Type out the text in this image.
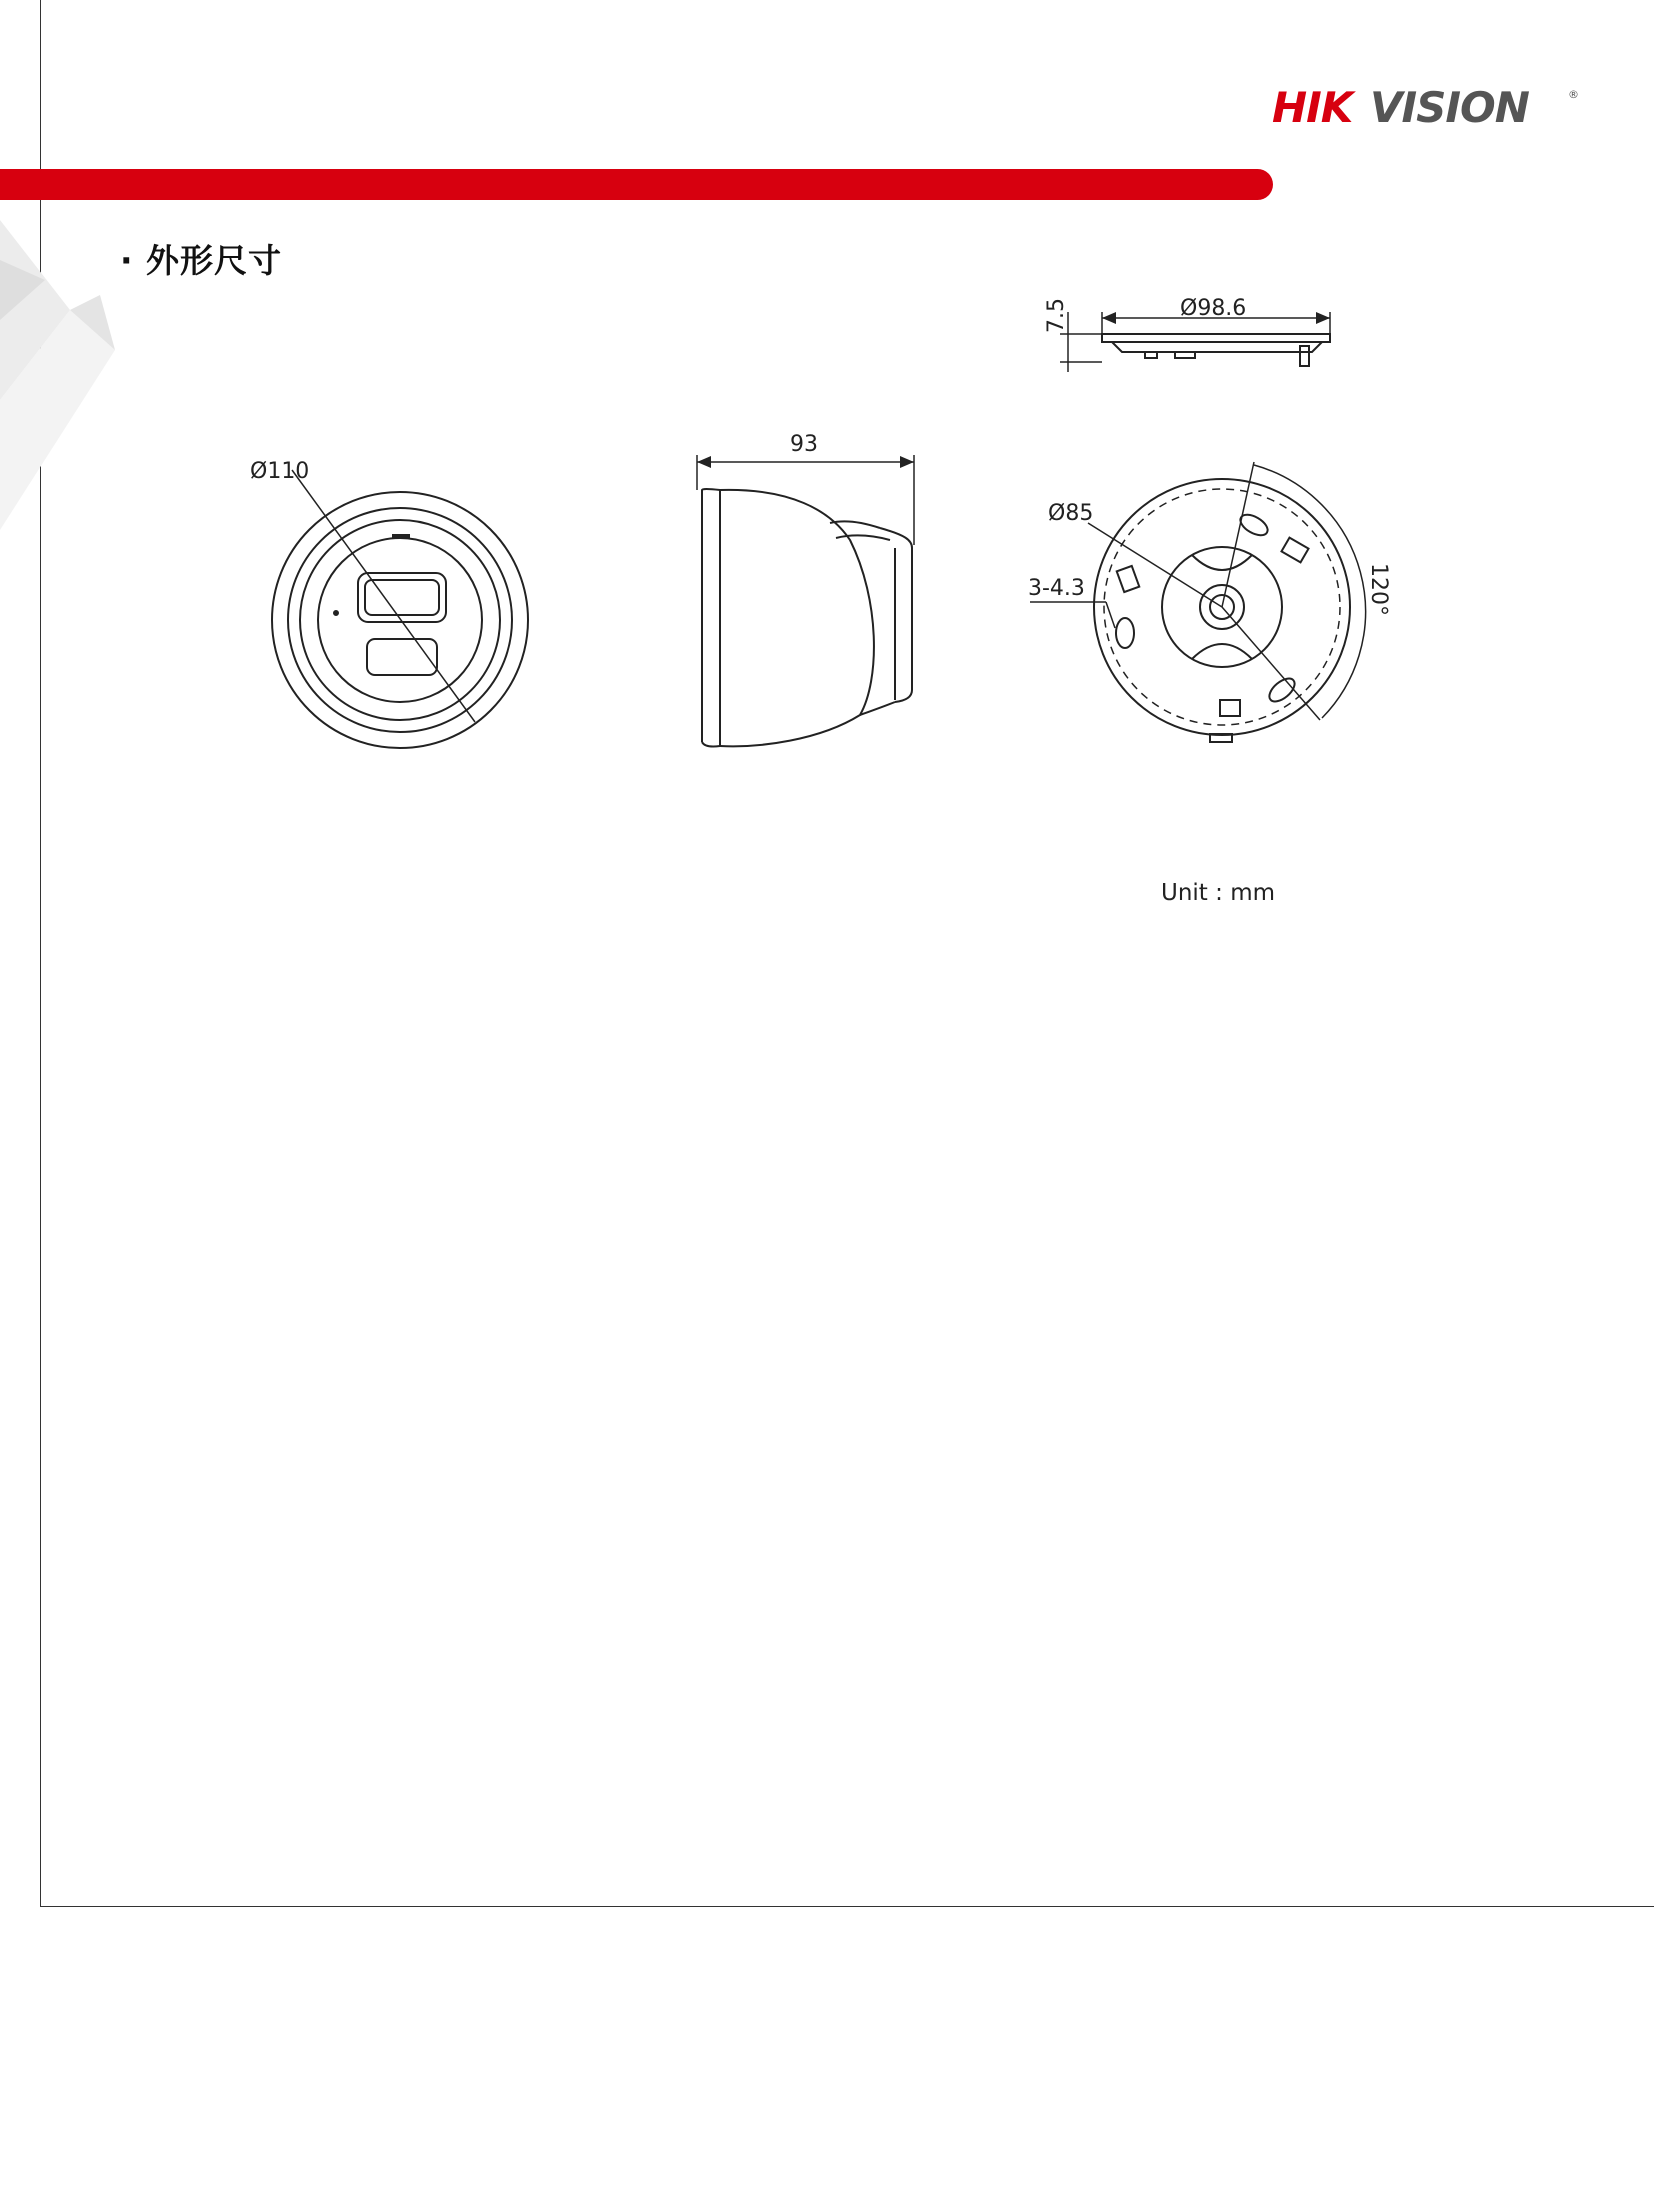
HIK VISION	®
· 外形尺寸
Ø110
93
Ø98.6
7.5
Ø85
3-4.3	120°
Unit : mm
